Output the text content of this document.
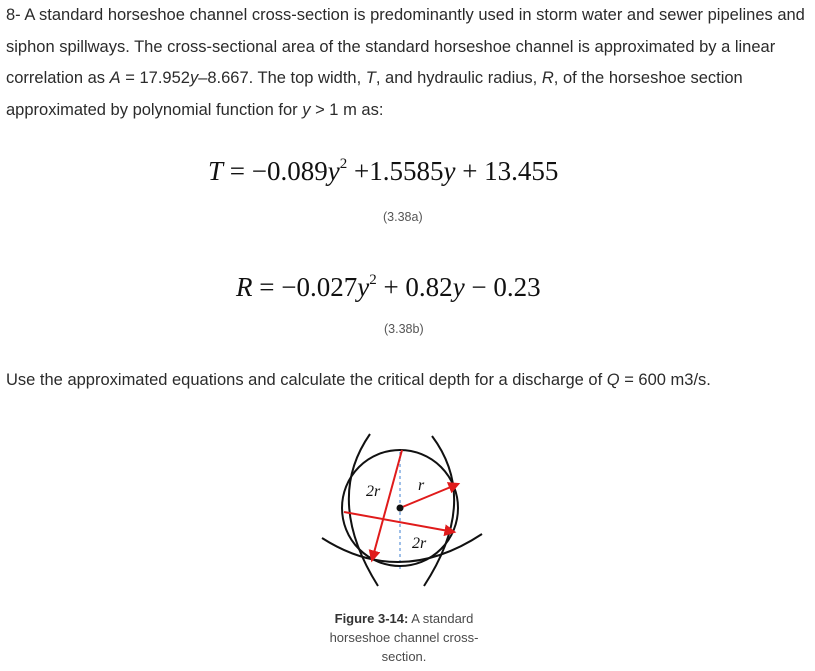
8- A standard horseshoe channel cross-section is predominantly used in storm water and sewer pipelines and siphon spillways. The cross-sectional area of the standard horseshoe channel is approximated by a linear correlation as A = 17.952y–8.667. The top width, T, and hydraulic radius, R, of the horseshoe section approximated by polynomial function for y > 1 m as:

$T = -0.089y^2 +1.5585y + 13.455$
(3.38a)
$R = -0.027y^2 + 0.82y - 0.23$
(3.38b)

Use the approximated equations and calculate the critical depth for a discharge of Q = 600 m3/s.

2r r
2r
Figure 3-14: A standard horseshoe channel cross-section.
